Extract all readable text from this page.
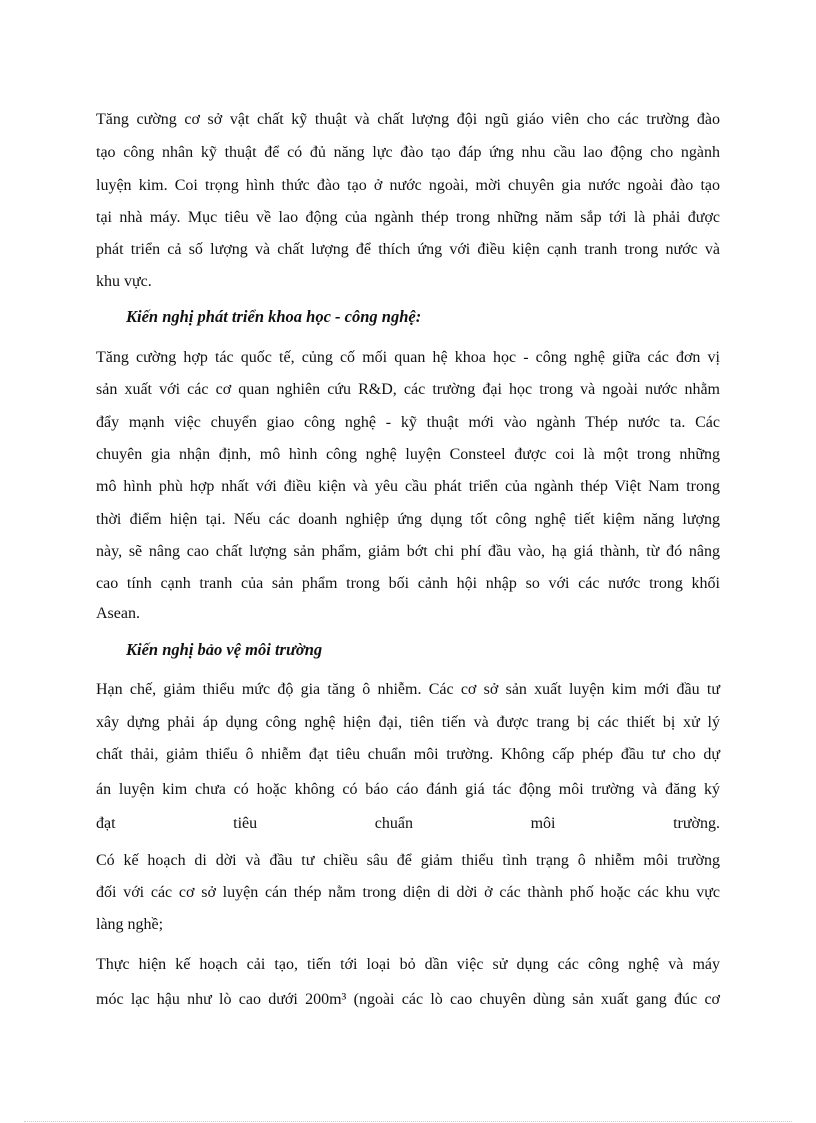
Tăng cường cơ sở vật chất kỹ thuật và chất lượng đội ngũ giáo viên cho các trường đào
tạo công nhân kỹ thuật để có đủ năng lực đào tạo đáp ứng nhu cầu lao động cho ngành
luyện kim. Coi trọng hình thức đào tạo ở nước ngoài, mời chuyên gia nước ngoài đào tạo
tại nhà máy. Mục tiêu về lao động của ngành thép trong những năm sắp tới là phải được
phát triển cả số lượng và chất lượng để thích ứng với điều kiện cạnh tranh trong nước và
khu vực.
Kiến nghị phát triển khoa học - công nghệ:
Tăng cường hợp tác quốc tế, củng cố mối quan hệ khoa học - công nghệ giữa các đơn vị
sản xuất với các cơ quan nghiên cứu R&D, các trường đại học trong và ngoài nước nhằm
đẩy mạnh việc chuyển giao công nghệ - kỹ thuật mới vào ngành Thép nước ta. Các
chuyên gia nhận định, mô hình công nghệ luyện Consteel được coi là một trong những
mô hình phù hợp nhất với điều kiện và yêu cầu phát triển của ngành thép Việt Nam trong
thời điểm hiện tại. Nếu các doanh nghiệp ứng dụng tốt công nghệ tiết kiệm năng lượng
này, sẽ nâng cao chất lượng sản phẩm, giảm bớt chi phí đầu vào, hạ giá thành, từ đó nâng
cao tính cạnh tranh của sản phẩm trong bối cảnh hội nhập so với các nước trong khối
Asean.
Kiến nghị bảo vệ môi trường
Hạn chế, giảm thiểu mức độ gia tăng ô nhiễm. Các cơ sở sản xuất luyện kim mới đầu tư
xây dựng phải áp dụng công nghệ hiện đại, tiên tiến và được trang bị các thiết bị xử lý
chất thải, giảm thiểu ô nhiễm đạt tiêu chuẩn môi trường. Không cấp phép đầu tư cho dự
án luyện kim chưa có hoặc không có báo cáo đánh giá tác động môi trường và đăng ký
đạt tiêu chuẩn môi trường.
Có kế hoạch di dời và đầu tư chiều sâu để giảm thiểu tình trạng ô nhiễm môi trường
đối với các cơ sở luyện cán thép nằm trong diện di dời ở các thành phố hoặc các khu vực
làng nghề;
Thực hiện kế hoạch cải tạo, tiến tới loại bỏ dần việc sử dụng các công nghệ và máy
móc lạc hậu như lò cao dưới 200m³ (ngoài các lò cao chuyên dùng sản xuất gang đúc cơ
